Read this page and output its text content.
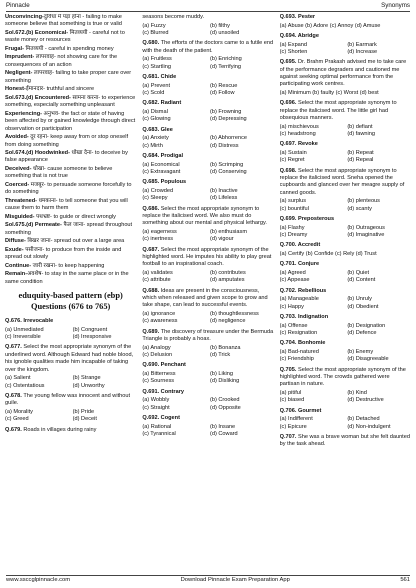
Pinnacle	Synonyms

Unconvincing-दुविधा में पड़ा होना - failing to make someone believe that something is true or valid

Sol.672.(b) Economical- मितव्ययी - careful not to waste money or resources

Frugal- मितव्ययी - careful in spending money

Imprudent- लापरवाह- not showing care for the consequences of an action

Negligent- लापरवाह- failing to take proper care over something

Honest-ईमानदार- truthful and sincere

Sol.673.(d) Encountered- सामना करना- to experience something, especially something unpleasant

Experiencing- अनुभव- the fact or state of having been affected by or gained knowledge through direct observation or participation

Avoided- दूर रहना- keep away from or stop oneself from doing something

Sol.674.(d) Hoodwinked- धोखा देना- to deceive by false appearance

Deceived- धोखा- cause someone to believe something that is not true

Coerced- मजबूर- to persuade someone forcefully to do something

Threatened- धमकाना- to tell someone that you will cause them to harm them

Misguided- पथभ्रष्ट- to guide or direct wrongly

Sol.675.(d) Permeate- फैल जाना- spread throughout something

Diffuse- बिखर जाना- spread out over a large area

Exude- पसीजना- to produce from the inside and spread out slowly

Continue- जारी रखना- to keep happening

Remain-अवशेष- to stay in the same place or in the same condition

eduquity-based pattern (ebp)
Questions (676 to 765)

Q.676. Irrevocable

(a) Unmediated	(b) Congruent
(c) Irreversible	(d) Irresponsive

Q.677. Select the most appropriate synonym of the underlined word. Although Edward had noble blood, his ignoble qualities made him incapable of taking over the kingdom.

(a) Salient	(b) Strange
(c) Ostentatious	(d) Unworthy

Q.678. The young fellow was innocent and without guile.

(a) Morality	(b) Pride
(c) Greed	(d) Deceit

Q.679. Roads in villages during rainy

seasons become muddy.

(a) Fuzzy	(b) filthy
(c) Blurred	(d) unsoiled

Q.680. The efforts of the doctors came to a futile end with the death of the patient.

(a) Fruitless	(b) Enriching
(c) Startling	(d) Terrifying

Q.681. Chide

(a) Prevent	(b) Rescue
(c) Scold	(d) Follow

Q.682. Radiant

(a) Dismal	(b) Frowning
(c) Glowing	(d) Depressing

Q.683. Glee

(a) Anxiety	(b) Abhorrence
(c) Mirth	(d) Distress

Q.684. Prodigal

(a) Economical	(b) Scrimping
(c) Extravagant	(d) Conserving

Q.685. Populous

(a) Crowded	(b) Inactive
(c) Sleepy	(d) Lifeless

Q.686. Select the most appropriate synonym to replace the italicised word. We also must do something about our mental and physical lethargy.

(a) eagerness	(b) enthusiasm
(c) inertness	(d) vigour

Q.687. Select the most appropriate synonym of the highlighted word. He imputes his ability to play great football to an inspirational coach.

(a) validates	(b) contributes
(c) attribute	(d) amputates

Q.688. Ideas are present in the consciousness, which when released and given scope to grow and take shape, can lead to successful events.

(a) ignorance	(b) thoughtlessness
(c) awareness	(d) negligence

Q.689. The discovery of treasure under the Bermuda Triangle is probably a hoax.

(a) Analogy	(b) Bonanza
(c) Delusion	(d) Trick

Q.690. Penchant

(a) Bitterness	(b) Liking
(c) Sourness	(d) Disliking

Q.691. Contrary

(a) Wobbly	(b) Crooked
(c) Straight	(d) Opposite

Q.692. Cogent

(a) Rational	(b) Insane
(c) Tyrannical	(d) Coward

Q.693. Pester

(a) Abuse (b) Adore (c) Annoy (d) Amuse

Q.694. Abridge

(a) Expand	(b) Earmark
(c) Shorten	(d) Increase

Q.695. Dr. Brahm Prakash advised me to take care of the performance degraders and cautioned me against seeking optimal performance from the participating work centres.

(a) Minimum (b) faulty (c) Worst (d) best

Q.696. Select the most appropriate synonym to replace the italicised word. The little girl had obsequious manners.

(a) mischievous	(b) defiant
(c) headstrong	(d) fawning

Q.697. Revoke

(a) Sustain	(b) Repeat
(c) Regret	(d) Repeal

Q.698. Select the most appropriate synonym to replace the italicised word. Sneha opened the cupboards and glanced over her meagre supply of canned goods.

(a) surplus	(b) plenteous
(c) bountiful	(d) scanty

Q.699. Preposterous

(a) Flashy	(b) Outrageous
(c) Dreamy	(d) Imaginative

Q.700. Accredit

(a) Certify (b) Confide (c) Rely (d) Trust

Q.701. Conjure

(a) Agreed	(b) Quiet
(c) Appease	(d) Content

Q.702. Rebellious

(a) Manageable	(b) Unruly
(c) Happy	(d) Obedient

Q.703. Indignation

(a) Offense	(b) Designation
(c) Resignation	(d) Defence

Q.704. Bonhomie

(a) Bad-natured	(b) Enemy
(c) Friendship	(d) Disagreeable

Q.705. Select the most appropriate synonym of the highlighted word. The crowds gathered were partisan in nature.

(a) pitiful	(b) Kind
(c) biased	(d) Destructive

Q.706. Gourmet

(a) Indifferent	(b) Detached
(c) Epicure	(d) Non-indulgent

Q.707. She was a brave woman but she felt daunted by the task ahead.

www.ssccglpinnacle.com	Download Pinnacle Exam Preparation App	561
